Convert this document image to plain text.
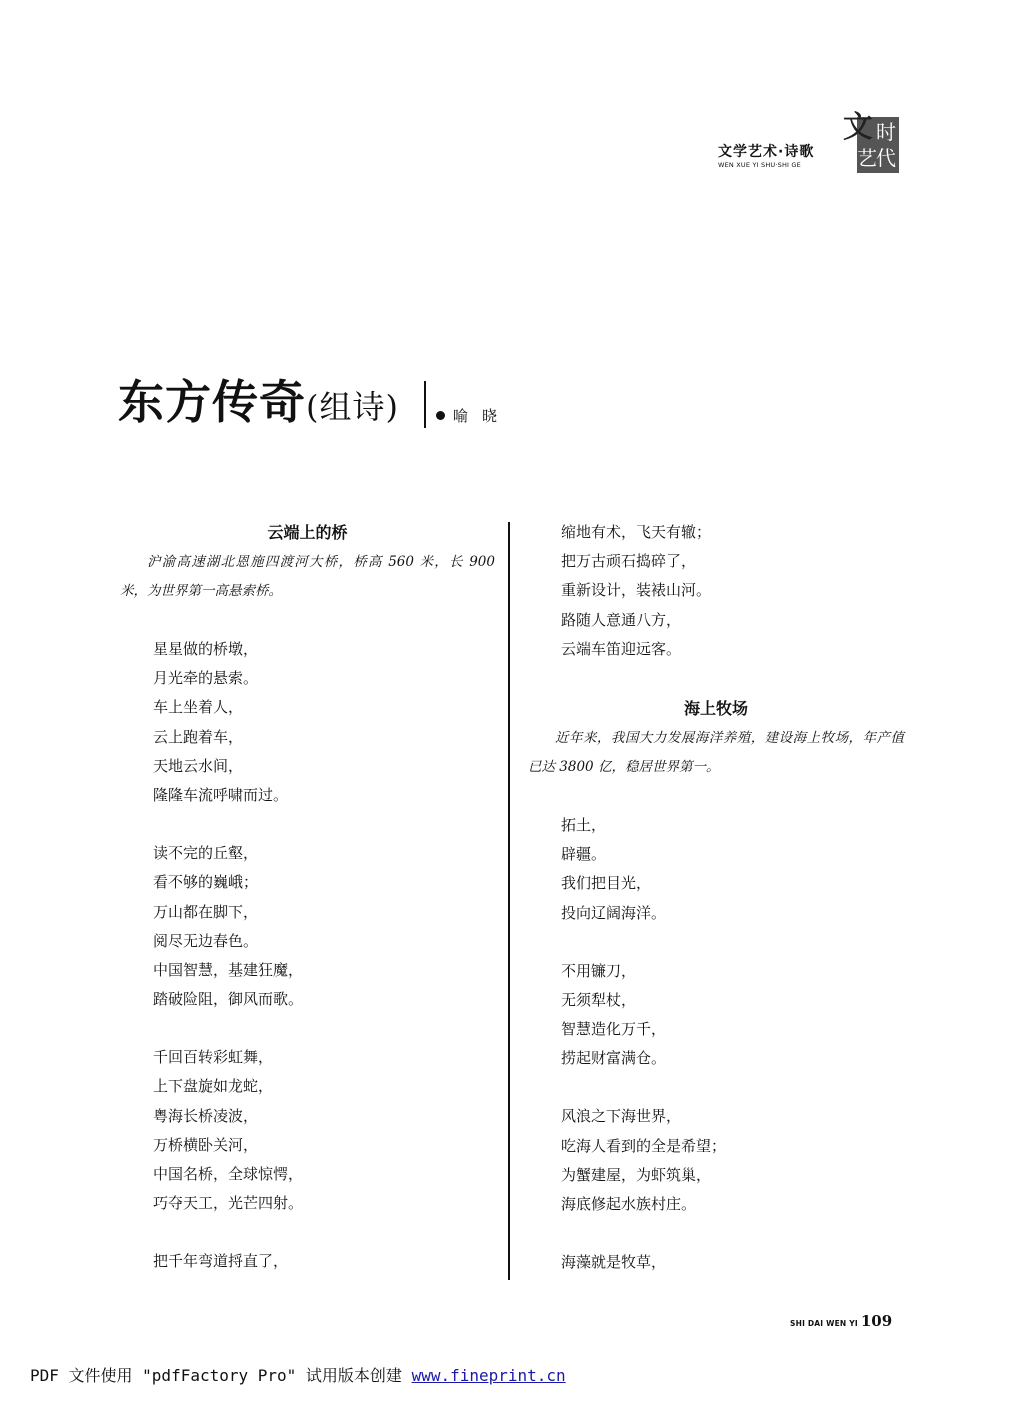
文学艺术·诗歌
WEN XUE YI SHU·SHI GE
时
艺 代
文
东方传奇(组诗)	喻晓
云端上的桥
沪渝高速湖北恩施四渡河大桥，桥高 560 米，长 900 米，为世界第一高悬索桥。
星星做的桥墩，
月光牵的悬索。
车上坐着人，
云上跑着车，
天地云水间，
隆隆车流呼啸而过。
读不完的丘壑，
看不够的巍峨；
万山都在脚下，
阅尽无边春色。
中国智慧，基建狂魔，
踏破险阻，御风而歌。
千回百转彩虹舞，
上下盘旋如龙蛇，
粤海长桥凌波，
万桥横卧关河，
中国名桥，全球惊愕，
巧夺天工，光芒四射。
把千年弯道捋直了，
缩地有术，飞天有辙；
把万古顽石捣碎了，
重新设计，装裱山河。
路随人意通八方，
云端车笛迎远客。
海上牧场
近年来，我国大力发展海洋养殖，建设海上牧场，年产值已达 3800 亿，稳居世界第一。
拓土，
辟疆。
我们把目光，
投向辽阔海洋。
不用镰刀，
无须犁杖，
智慧造化万千，
捞起财富满仓。
风浪之下海世界，
吃海人看到的全是希望；
为蟹建屋，为虾筑巢，
海底修起水族村庄。
海藻就是牧草，
SHI DAI WEN YI 109
PDF 文件使用 "pdfFactory Pro" 试用版本创建 www.fineprint.cn
